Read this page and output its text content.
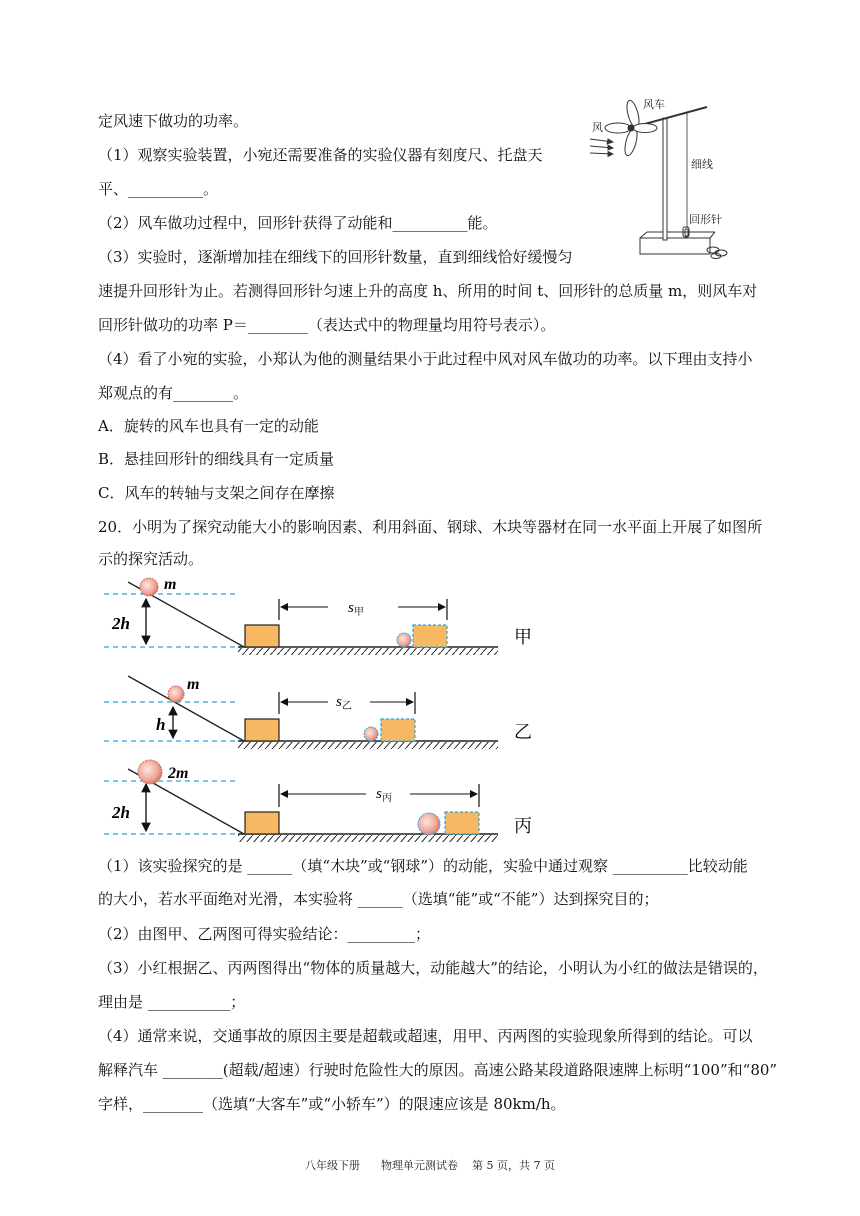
定风速下做功的功率。
（1）观察实验装置，小宛还需要准备的实验仪器有刻度尺、托盘天
平、__________。
（2）风车做功过程中，回形针获得了动能和__________能。
（3）实验时，逐渐增加挂在细线下的回形针数量，直到细线恰好缓慢匀
速提升回形针为止。若测得回形针匀速上升的高度 h、所用的时间 t、回形针的总质量 m，则风车对
回形针做功的功率 P＝________（表达式中的物理量均用符号表示）。
（4）看了小宛的实验，小郑认为他的测量结果小于此过程中风对风车做功的功率。以下理由支持小
郑观点的有________。
A．旋转的风车也具有一定的动能
B．悬挂回形针的细线具有一定质量
C．风车的转轴与支架之间存在摩擦
风
风车
细线
回形针
20．小明为了探究动能大小的影响因素、利用斜面、钢球、木块等器材在同一水平面上开展了如图所
示的探究活动。
2h
m
s甲
甲
h
m
s乙
乙
2h
2m
s丙
丙
（1）该实验探究的是 ______（填“木块”或“钢球”）的动能，实验中通过观察 __________比较动能
的大小，若水平面绝对光滑，本实验将 ______（选填“能”或“不能”）达到探究目的；
（2）由图甲、乙两图可得实验结论：_________；
（3）小红根据乙、丙两图得出“物体的质量越大，动能越大”的结论，小明认为小红的做法是错误的，
理由是 ___________；
（4）通常来说，交通事故的原因主要是超载或超速，用甲、丙两图的实验现象所得到的结论。可以
解释汽车 ________(超载/超速）行驶时危险性大的原因。高速公路某段道路限速牌上标明“100”和“80”
字样，________（选填“大客车”或“小轿车”）的限速应该是 80km/h。
八年级下册      物理单元测试卷    第 5 页，共 7 页
